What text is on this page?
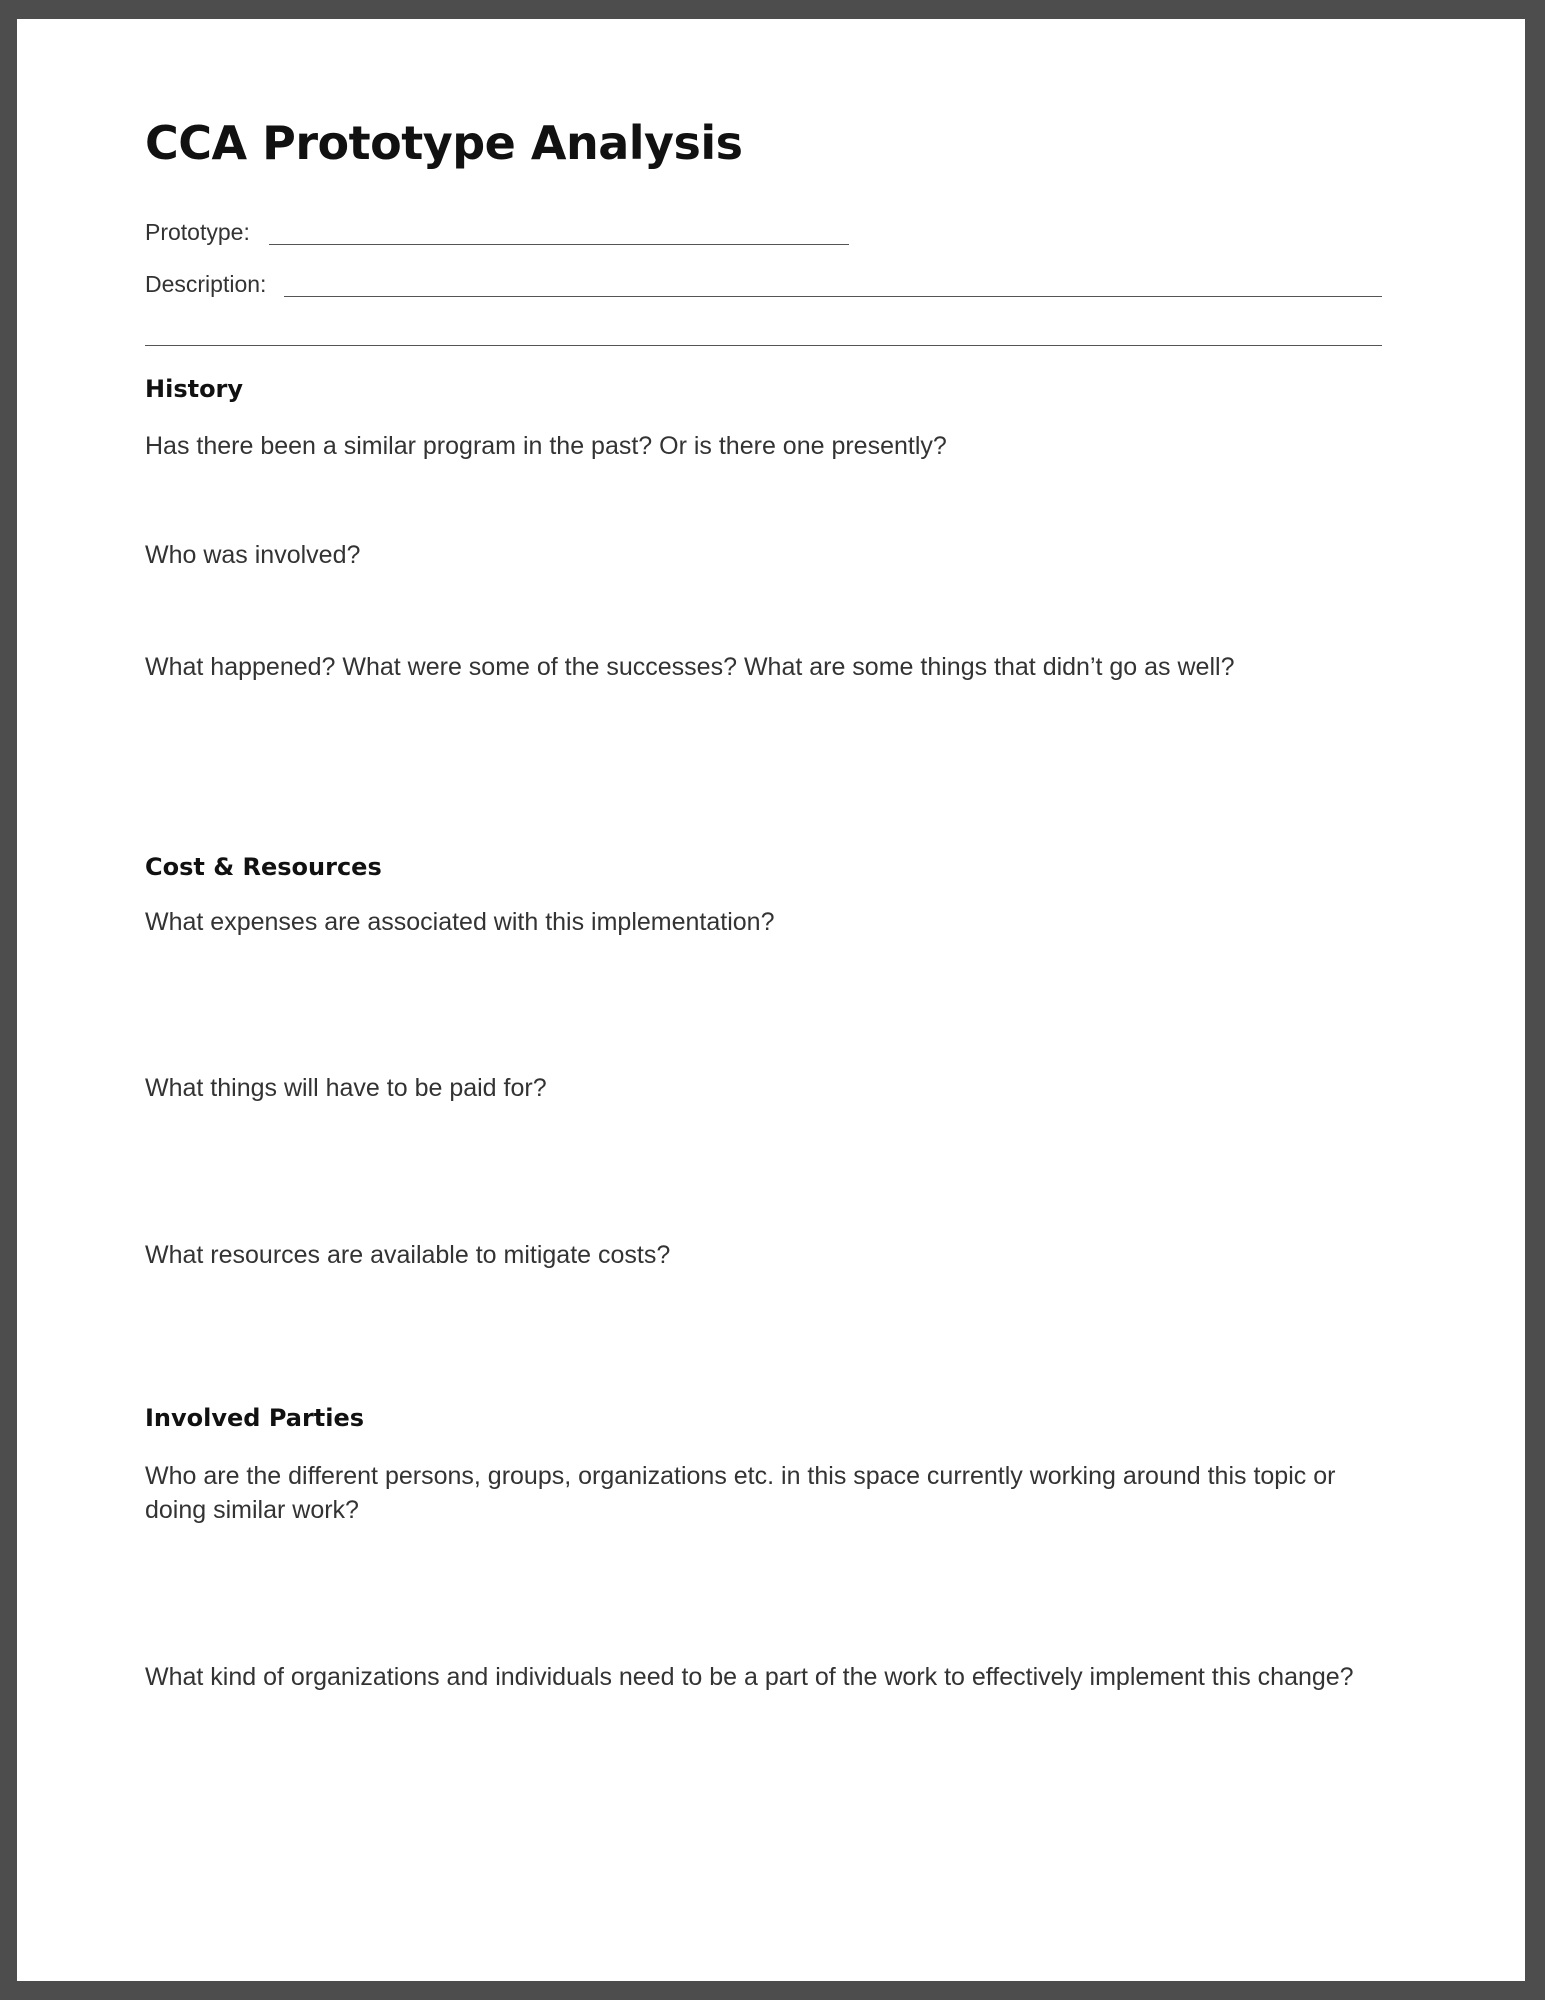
CCA Prototype Analysis
Prototype:
Description:
History

Has there been a similar program in the past? Or is there one presently?

Who was involved?

What happened? What were some of the successes? What are some things that didn’t go as well?

Cost & Resources

What expenses are associated with this implementation?

What things will have to be paid for?

What resources are available to mitigate costs?

Involved Parties

Who are the different persons, groups, organizations etc. in this space currently working around this topic or doing similar work?

What kind of organizations and individuals need to be a part of the work to effectively implement this change?
